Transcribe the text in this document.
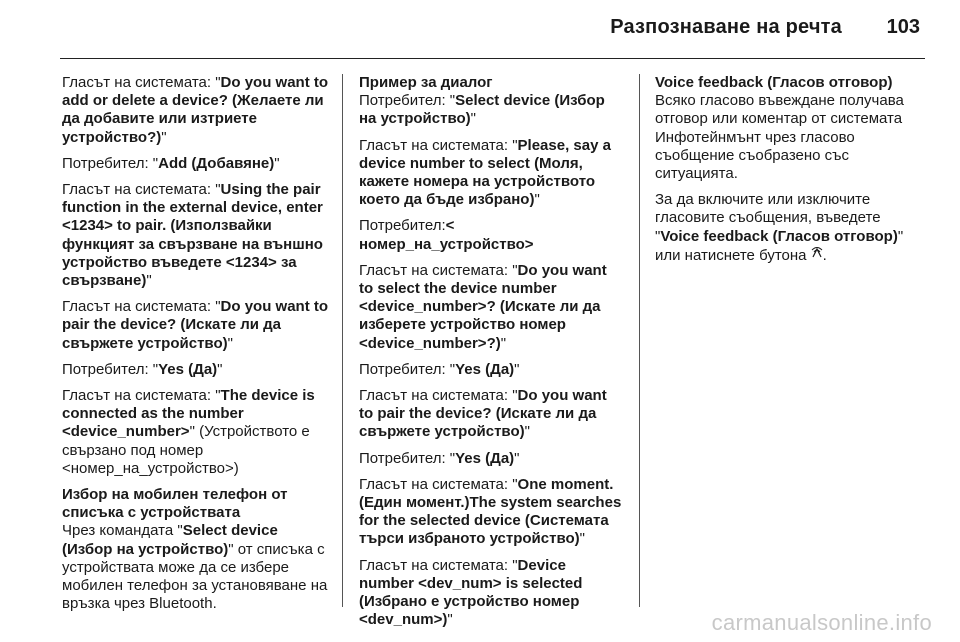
Разпознаване на речта 103

Гласът на системата: "Do you want to add or delete a device? (Желаете ли да добавите или изтриете устройство?)"

Потребител: "Add (Добавяне)"

Гласът на системата: "Using the pair function in the external device, enter <1234> to pair. (Използвайки функцият за свързване на външно устройство въведете <1234> за свързване)"

Гласът на системата: "Do you want to pair the device? (Искате ли да свържете устройство)"

Потребител: "Yes (Да)"

Гласът на системата: "The device is connected as the number <device_number>" (Устройството е свързано под номер <номер_на_устройство>)

Избор на мобилен телефон от списъка с устройствата

Чрез командата "Select device (Избор на устройство)" от списъка с устройствата може да се избере мобилен телефон за установяване на връзка чрез Bluetooth.

Пример за диалог

Потребител: "Select device (Избор на устройство)"

Гласът на системата: "Please, say a device number to select (Моля, кажете номера на устройството което да бъде избрано)"

Потребител:< номер_на_устройство>

Гласът на системата: "Do you want to select the device number <device_number>? (Искате ли да изберете устройство номер <device_number>?)"

Потребител: "Yes (Да)"

Гласът на системата: "Do you want to pair the device? (Искате ли да свържете устройство)"

Потребител: "Yes (Да)"

Гласът на системата: "One moment. (Един момент.)The system searches for the selected device (Системата търси избраното устройство)"

Гласът на системата: "Device number <dev_num> is selected (Избрано е устройство номер <dev_num>)"

Voice feedback (Гласов отговор)

Всяко гласово въвеждане получава отговор или коментар от системата Инфотейнмънт чрез гласово съобщение съобразено със ситуацията.

За да включите или изключите гласовите съобщения, въведете "Voice feedback (Гласов отговор)" или натиснете бутона .

carmanualsonline.info
